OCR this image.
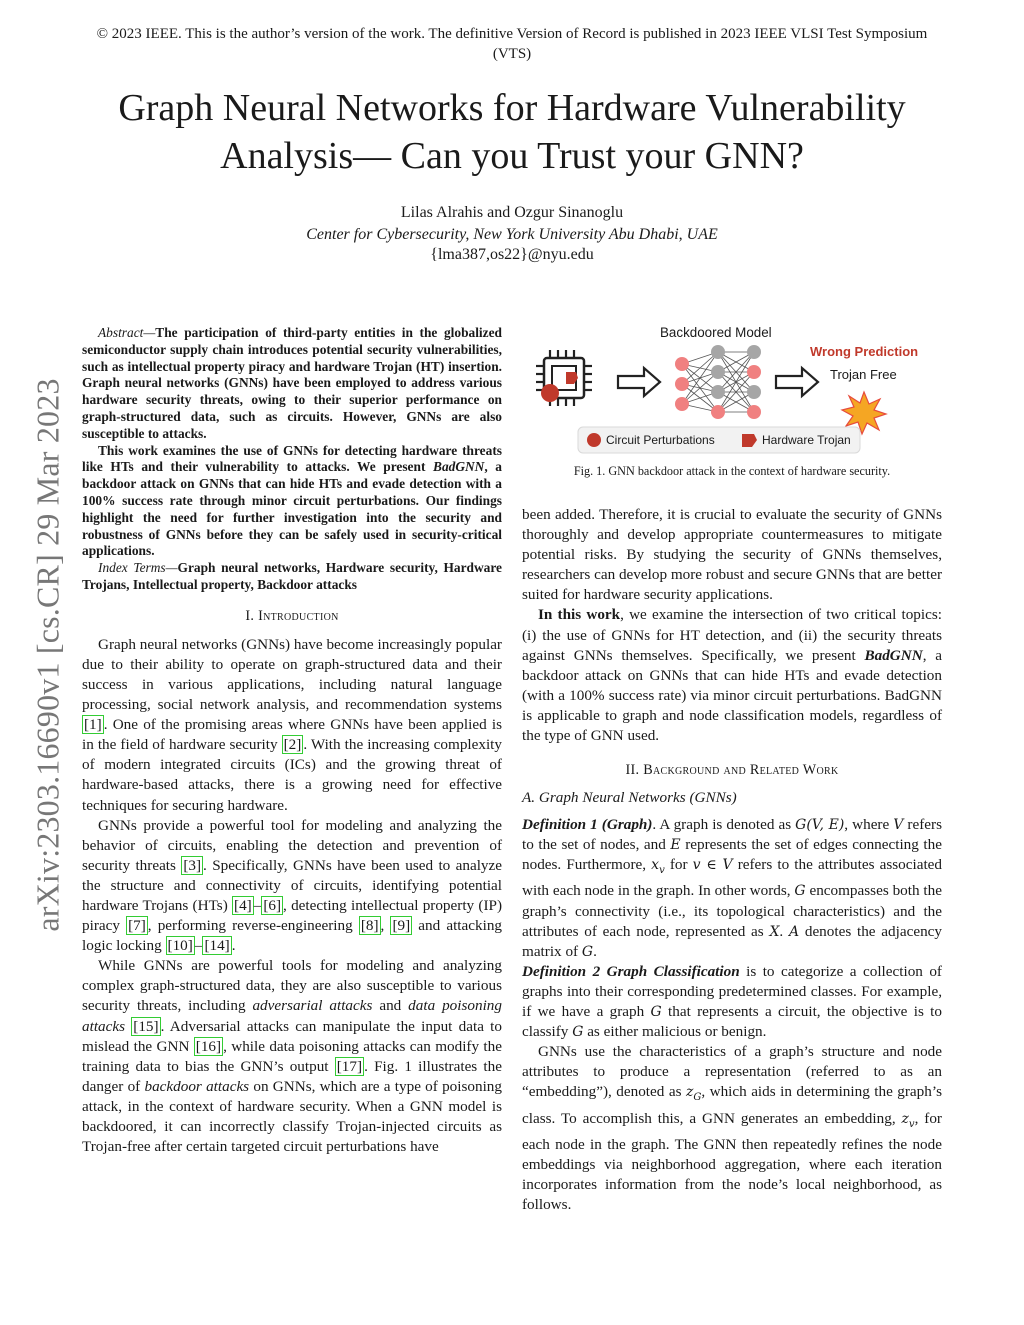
© 2023 IEEE. This is the author’s version of the work. The definitive Version of Record is published in 2023 IEEE VLSI Test Symposium (VTS)
Graph Neural Networks for Hardware Vulnerability Analysis— Can you Trust your GNN?
Lilas Alrahis and Ozgur Sinanoglu
Center for Cybersecurity, New York University Abu Dhabi, UAE
{lma387,os22}@nyu.edu
arXiv:2303.16690v1 [cs.CR] 29 Mar 2023

Abstract—The participation of third-party entities in the globalized semiconductor supply chain introduces potential security vulnerabilities, such as intellectual property piracy and hardware Trojan (HT) insertion. Graph neural networks (GNNs) have been employed to address various hardware security threats, owing to their superior performance on graph-structured data, such as circuits. However, GNNs are also susceptible to attacks.

This work examines the use of GNNs for detecting hardware threats like HTs and their vulnerability to attacks. We present BadGNN, a backdoor attack on GNNs that can hide HTs and evade detection with a 100% success rate through minor circuit perturbations. Our findings highlight the need for further investigation into the security and robustness of GNNs before they can be safely used in security-critical applications.

Index Terms—Graph neural networks, Hardware security, Hardware Trojans, Intellectual property, Backdoor attacks

I. Introduction

Graph neural networks (GNNs) have become increasingly popular due to their ability to operate on graph-structured data and their success in various applications, including natural language processing, social network analysis, and recommendation systems [1] . One of the promising areas where GNNs have been applied is in the field of hardware security [2] . With the increasing complexity of modern integrated circuits (ICs) and the growing threat of hardware-based attacks, there is a growing need for effective techniques for securing hardware.

GNNs provide a powerful tool for modeling and analyzing the behavior of circuits, enabling the detection and prevention of security threats [3] . Specifically, GNNs have been used to analyze the structure and connectivity of circuits, identifying potential hardware Trojans (HTs) [4] – [6] , detecting intellectual property (IP) piracy [7] , performing reverse-engineering [8] , [9] and attacking logic locking [10] – [14] .

While GNNs are powerful tools for modeling and analyzing complex graph-structured data, they are also susceptible to various security threats, including adversarial attacks and data poisoning attacks [15] . Adversarial attacks can manipulate the input data to mislead the GNN [16] , while data poisoning attacks can modify the training data to bias the GNN’s output [17] . Fig. 1 illustrates the danger of backdoor attacks on GNNs, which are a type of poisoning attack, in the context of hardware security. When a GNN model is backdoored, it can incorrectly classify Trojan-injected circuits as Trojan-free after certain targeted circuit perturbations have

Backdoored Model
Wrong Prediction
Trojan Free
Circuit Perturbations	Hardware Trojan
Fig. 1. GNN backdoor attack in the context of hardware security.

been added. Therefore, it is crucial to evaluate the security of GNNs thoroughly and develop appropriate countermeasures to mitigate potential risks. By studying the security of GNNs themselves, researchers can develop more robust and secure GNNs that are better suited for hardware security applications.

In this work, we examine the intersection of two critical topics: (i) the use of GNNs for HT detection, and (ii) the security threats against GNNs themselves. Specifically, we present BadGNN, a backdoor attack on GNNs that can hide HTs and evade detection (with a 100% success rate) via minor circuit perturbations. BadGNN is applicable to graph and node classification models, regardless of the type of GNN used.

II. Background and Related Work
A. Graph Neural Networks (GNNs)

Definition 1 (Graph). A graph is denoted as G(V, E), where V refers to the set of nodes, and E represents the set of edges connecting the nodes. Furthermore, $x_v$ for v ∈ V refers to the attributes associated with each node in the graph. In other words, G encompasses both the graph’s connectivity (i.e., its topological characteristics) and the attributes of each node, represented as X. A denotes the adjacency matrix of G.

Definition 2 Graph Classification is to categorize a collection of graphs into their corresponding predetermined classes. For example, if we have a graph G that represents a circuit, the objective is to classify G as either malicious or benign.

GNNs use the characteristics of a graph’s structure and node attributes to produce a representation (referred to as an “embedding”), denoted as $z_G$, which aids in determining the graph’s class. To accomplish this, a GNN generates an embedding, $z_v$, for each node in the graph. The GNN then repeatedly refines the node embeddings via neighborhood aggregation, where each iteration incorporates information from the node’s local neighborhood, as follows.
